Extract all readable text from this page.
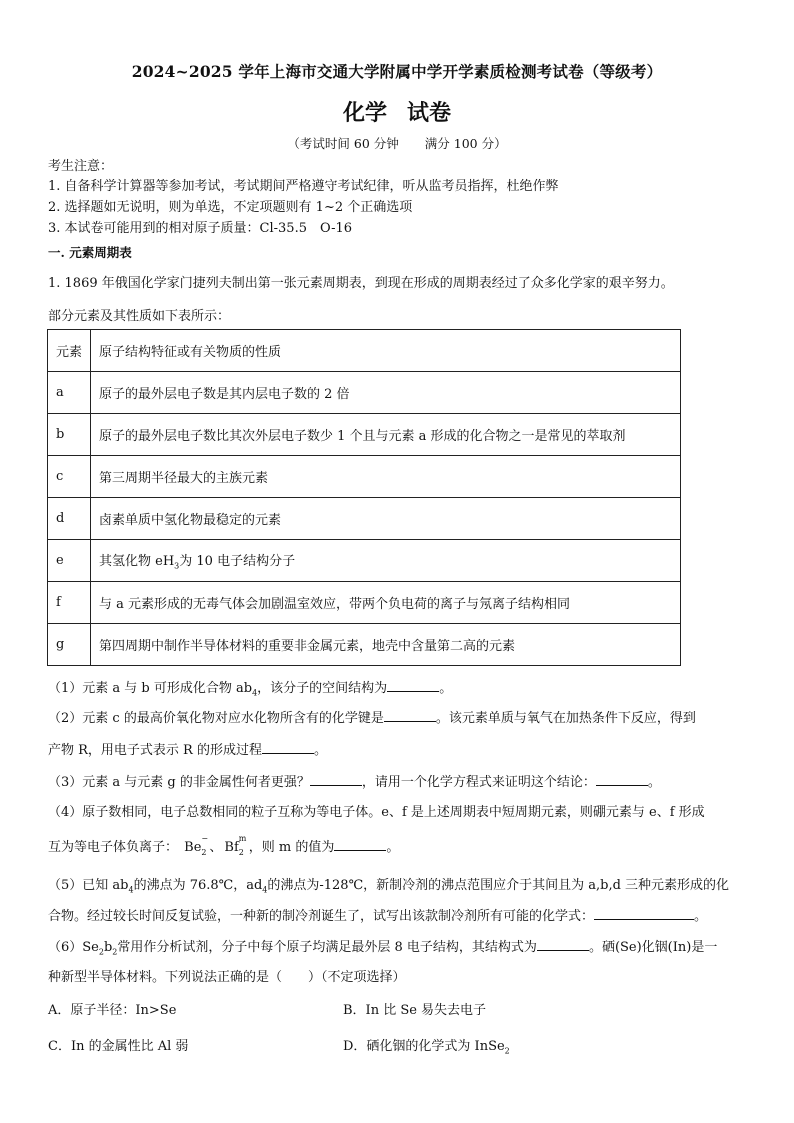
2024~2025 学年上海市交通大学附属中学开学素质检测考试卷（等级考）
化学 试卷
（考试时间 60 分钟 满分 100 分）
考生注意：
1. 自备科学计算器等参加考试，考试期间严格遵守考试纪律，听从监考员指挥，杜绝作弊
2. 选择题如无说明，则为单选，不定项题则有 1~2 个正确选项
3. 本试卷可能用到的相对原子质量：Cl-35.5　O-16
一. 元素周期表
1. 1869 年俄国化学家门捷列夫制出第一张元素周期表，到现在形成的周期表经过了众多化学家的艰辛努力。
部分元素及其性质如下表所示：
元素	原子结构特征或有关物质的性质
a	原子的最外层电子数是其内层电子数的 2 倍
b	原子的最外层电子数比其次外层电子数少 1 个且与元素 a 形成的化合物之一是常见的萃取剂
c	第三周期半径最大的主族元素
d	卤素单质中氢化物最稳定的元素
e	其氢化物 $eH_3$为 10 电子结构分子
f	与 a 元素形成的无毒气体会加剧温室效应，带两个负电荷的离子与氖离子结构相同
g	第四周期中制作半导体材料的重要非金属元素，地壳中含量第二高的元素
（1）元素 a 与 b 可形成化合物 $ab_4$，该分子的空间结构为	。
（2）元素 c 的最高价氧化物对应水化物所含有的化学键是	。该元素单质与氧气在加热条件下反应，得到
产物 R，用电子式表示 R 的形成过程	。
（3）元素 a 与元素 g 的非金属性何者更强？	，请用一个化学方程式来证明这个结论：	。
（4）原子数相同，电子总数相同的粒子互称为等电子体。e、f 是上述周期表中短周期元素，则硼元素与 e、f 形成
互为等电子体负离子： Be
−
2 、 Bf
m
2 ，则 m 的值为	。
（5）已知 $ab_4$的沸点为 76.8℃，$ad_4$的沸点为-128℃，新制冷剂的沸点范围应介于其间且为 a,b,d 三种元素形成的化
合物。经过较长时间反复试验，一种新的制冷剂诞生了，试写出该款制冷剂所有可能的化学式：	。
$(6)Se_2b_2$常用作分析试剂，分子中每个原子均满足最外层 8 电子结构，其结构式为	。硒(Se)化铟(In)是一
种新型半导体材料。下列说法正确的是（　　）（不定项选择）
A．原子半径：In>Se	B．In 比 Se 易失去电子
C．In 的金属性比 Al 弱	D．硒化铟的化学式为 InSe$_2$
